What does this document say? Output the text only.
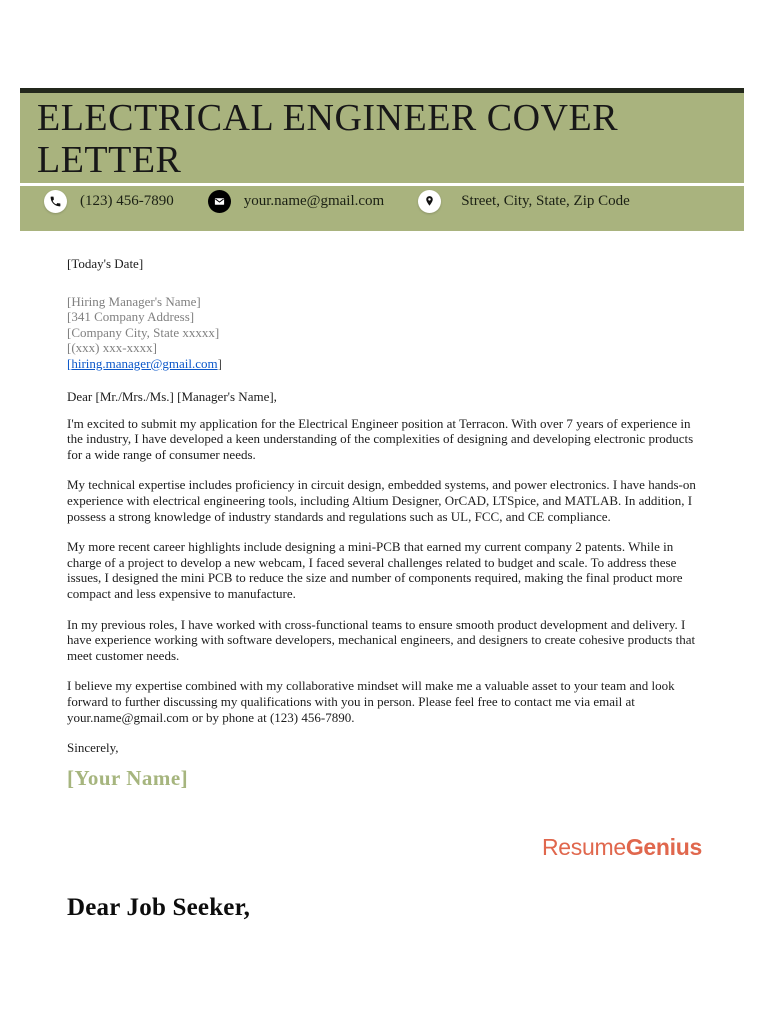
ELECTRICAL ENGINEER COVER LETTER
(123) 456-7890	your.name@gmail.com	Street, City, State, Zip Code
[Today's Date]
[Hiring Manager's Name]
[341 Company Address]
[Company City, State xxxxx]
[(xxx) xxx-xxxx]
[hiring.manager@gmail.com]
Dear [Mr./Mrs./Ms.] [Manager's Name],

I'm excited to submit my application for the Electrical Engineer position at Terracon. With over 7 years of experience in the industry, I have developed a keen understanding of the complexities of designing and developing electronic products for a wide range of consumer needs.

My technical expertise includes proficiency in circuit design, embedded systems, and power electronics. I have hands-on experience with electrical engineering tools, including Altium Designer, OrCAD, LTSpice, and MATLAB. In addition, I possess a strong knowledge of industry standards and regulations such as UL, FCC, and CE compliance.

My more recent career highlights include designing a mini-PCB that earned my current company 2 patents. While in charge of a project to develop a new webcam, I faced several challenges related to budget and scale. To address these issues, I designed the mini PCB to reduce the size and number of components required, making the final product more compact and less expensive to manufacture.

In my previous roles, I have worked with cross-functional teams to ensure smooth product development and delivery. I have experience working with software developers, mechanical engineers, and designers to create cohesive products that meet customer needs.

I believe my expertise combined with my collaborative mindset will make me a valuable asset to your team and look forward to further discussing my qualifications with you in person. Please feel free to contact me via email at your.name@gmail.com or by phone at (123) 456-7890.

Sincerely,
[Your Name]
ResumeGenius
Dear Job Seeker,
